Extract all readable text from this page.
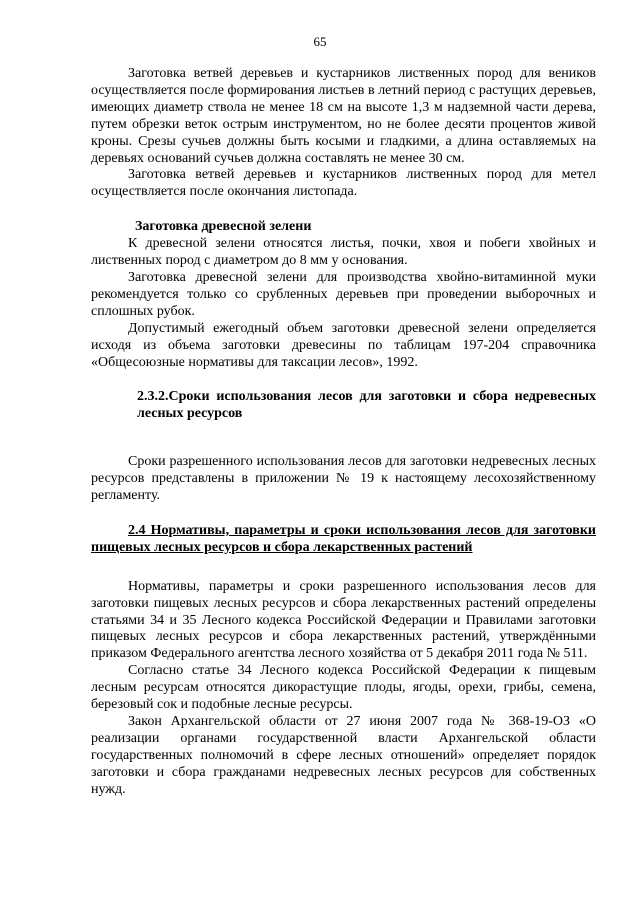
65

Заготовка ветвей деревьев и кустарников лиственных пород для веников осуществляется после формирования листьев в летний период с растущих деревьев, имеющих диаметр ствола не менее 18 см на высоте 1,3 м надземной части дерева, путем обрезки веток острым инструментом, но не более десяти процентов живой кроны. Срезы сучьев должны быть косыми и гладкими, а длина оставляемых на деревьях оснований сучьев должна составлять не менее 30 см.

Заготовка ветвей деревьев и кустарников лиственных пород для метел осуществляется после окончания листопада.

Заготовка древесной зелени

К древесной зелени относятся листья, почки, хвоя и побеги хвойных и лиственных пород с диаметром до 8 мм у основания.

Заготовка древесной зелени для производства хвойно-витаминной муки рекомендуется только со срубленных деревьев при проведении выборочных и сплошных рубок.

Допустимый ежегодный объем заготовки древесной зелени определяется исходя из объема заготовки древесины по таблицам 197-204 справочника «Общесоюзные нормативы для таксации лесов», 1992.

2.3.2.Сроки использования лесов для заготовки и сбора недревесных лесных ресурсов

Сроки разрешенного использования лесов для заготовки недревесных лесных ресурсов представлены в приложении № 19 к настоящему лесохозяйственному регламенту.

2.4 Нормативы, параметры и сроки использования лесов для заготовки пищевых лесных ресурсов и сбора лекарственных растений

Нормативы, параметры и сроки разрешенного использования лесов для заготовки пищевых лесных ресурсов и сбора лекарственных растений определены статьями 34 и 35 Лесного кодекса Российской Федерации и Правилами заготовки пищевых лесных ресурсов и сбора лекарственных растений, утверждёнными приказом Федерального агентства лесного хозяйства от 5 декабря 2011 года № 511.

Согласно статье 34 Лесного кодекса Российской Федерации к пищевым лесным ресурсам относятся дикорастущие плоды, ягоды, орехи, грибы, семена, березовый сок и подобные лесные ресурсы.

Закон Архангельской области от 27 июня 2007 года № 368-19-ОЗ «О реализации органами государственной власти Архангельской области государственных полномочий в сфере лесных отношений» определяет порядок заготовки и сбора гражданами недревесных лесных ресурсов для собственных нужд.
